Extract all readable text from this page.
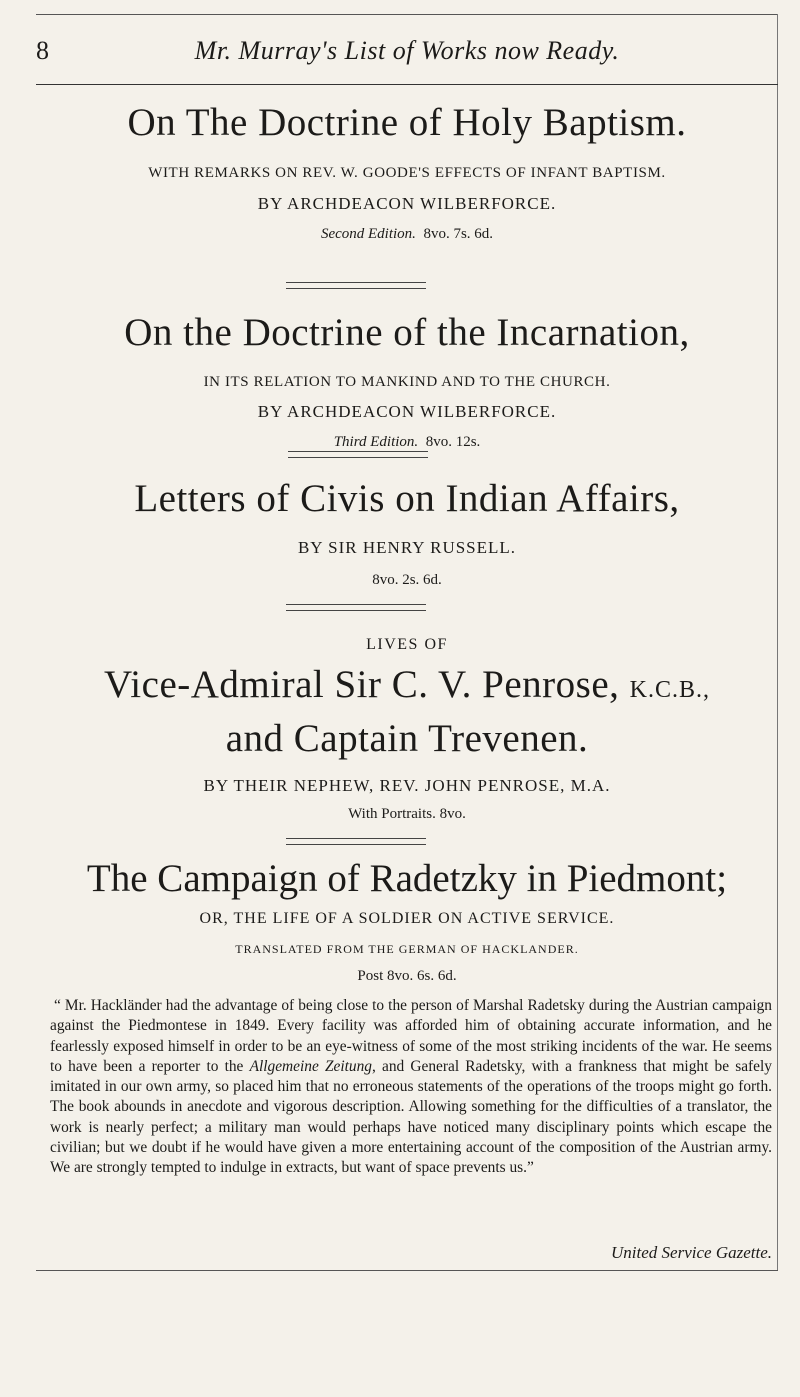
8	Mr. Murray's List of Works now Ready.
On The Doctrine of Holy Baptism.
WITH REMARKS ON REV. W. GOODE'S EFFECTS OF INFANT BAPTISM.
BY ARCHDEACON WILBERFORCE.
Second Edition. 8vo. 7s. 6d.
On the Doctrine of the Incarnation,
IN ITS RELATION TO MANKIND AND TO THE CHURCH.
BY ARCHDEACON WILBERFORCE.
Third Edition. 8vo. 12s.
Letters of Civis on Indian Affairs,
BY SIR HENRY RUSSELL.
8vo. 2s. 6d.
LIVES OF
Vice-Admiral Sir C. V. Penrose, K.C.B.,
and Captain Trevenen.
BY THEIR NEPHEW, REV. JOHN PENROSE, M.A.
With Portraits. 8vo.
The Campaign of Radetzky in Piedmont;
OR, THE LIFE OF A SOLDIER ON ACTIVE SERVICE.
TRANSLATED FROM THE GERMAN OF HACKLANDER.
Post 8vo. 6s. 6d.
“ Mr. Hackländer had the advantage of being close to the person of Marshal Radetsky during the Austrian campaign against the Piedmontese in 1849. Every facility was afforded him of obtaining accurate information, and he fearlessly exposed himself in order to be an eye-witness of some of the most striking incidents of the war. He seems to have been a reporter to the Allgemeine Zeitung, and General Radetsky, with a frankness that might be safely imitated in our own army, so placed him that no erroneous statements of the operations of the troops might go forth. The book abounds in anecdote and vigorous description. Allowing something for the difficulties of a translator, the work is nearly perfect; a military man would perhaps have noticed many disciplinary points which escape the civilian; but we doubt if he would have given a more entertaining account of the composition of the Austrian army. We are strongly tempted to indulge in extracts, but want of space prevents us.”
United Service Gazette.
